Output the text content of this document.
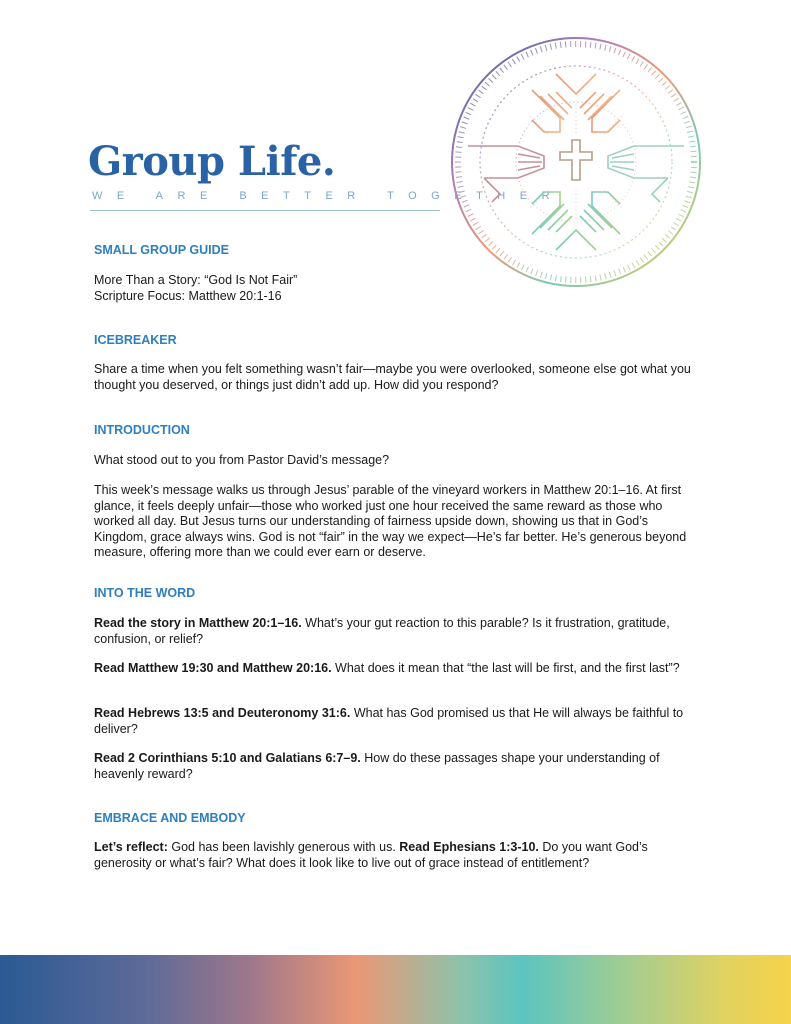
Group Life.
WE ARE BETTER TOGETHER
SMALL GROUP GUIDE
More Than a Story: “God Is Not Fair”
Scripture Focus: Matthew 20:1-16
ICEBREAKER
Share a time when you felt something wasn’t fair—maybe you were overlooked, someone else got what you thought you deserved, or things just didn’t add up. How did you respond?
INTRODUCTION
What stood out to you from Pastor David’s message?
This week’s message walks us through Jesus’ parable of the vineyard workers in Matthew 20:1–16. At first glance, it feels deeply unfair—those who worked just one hour received the same reward as those who worked all day. But Jesus turns our understanding of fairness upside down, showing us that in God’s Kingdom, grace always wins. God is not “fair” in the way we expect—He’s far better. He’s generous beyond measure, offering more than we could ever earn or deserve.
INTO THE WORD
Read the story in Matthew 20:1–16. What’s your gut reaction to this parable? Is it frustration, gratitude, confusion, or relief?
Read Matthew 19:30 and Matthew 20:16. What does it mean that “the last will be first, and the first last”?
Read Hebrews 13:5 and Deuteronomy 31:6. What has God promised us that He will always be faithful to deliver?
Read 2 Corinthians 5:10 and Galatians 6:7–9. How do these passages shape your understanding of heavenly reward?
EMBRACE AND EMBODY
Let’s reflect: God has been lavishly generous with us. Read Ephesians 1:3-10. Do you want God’s generosity or what’s fair? What does it look like to live out of grace instead of entitlement?
